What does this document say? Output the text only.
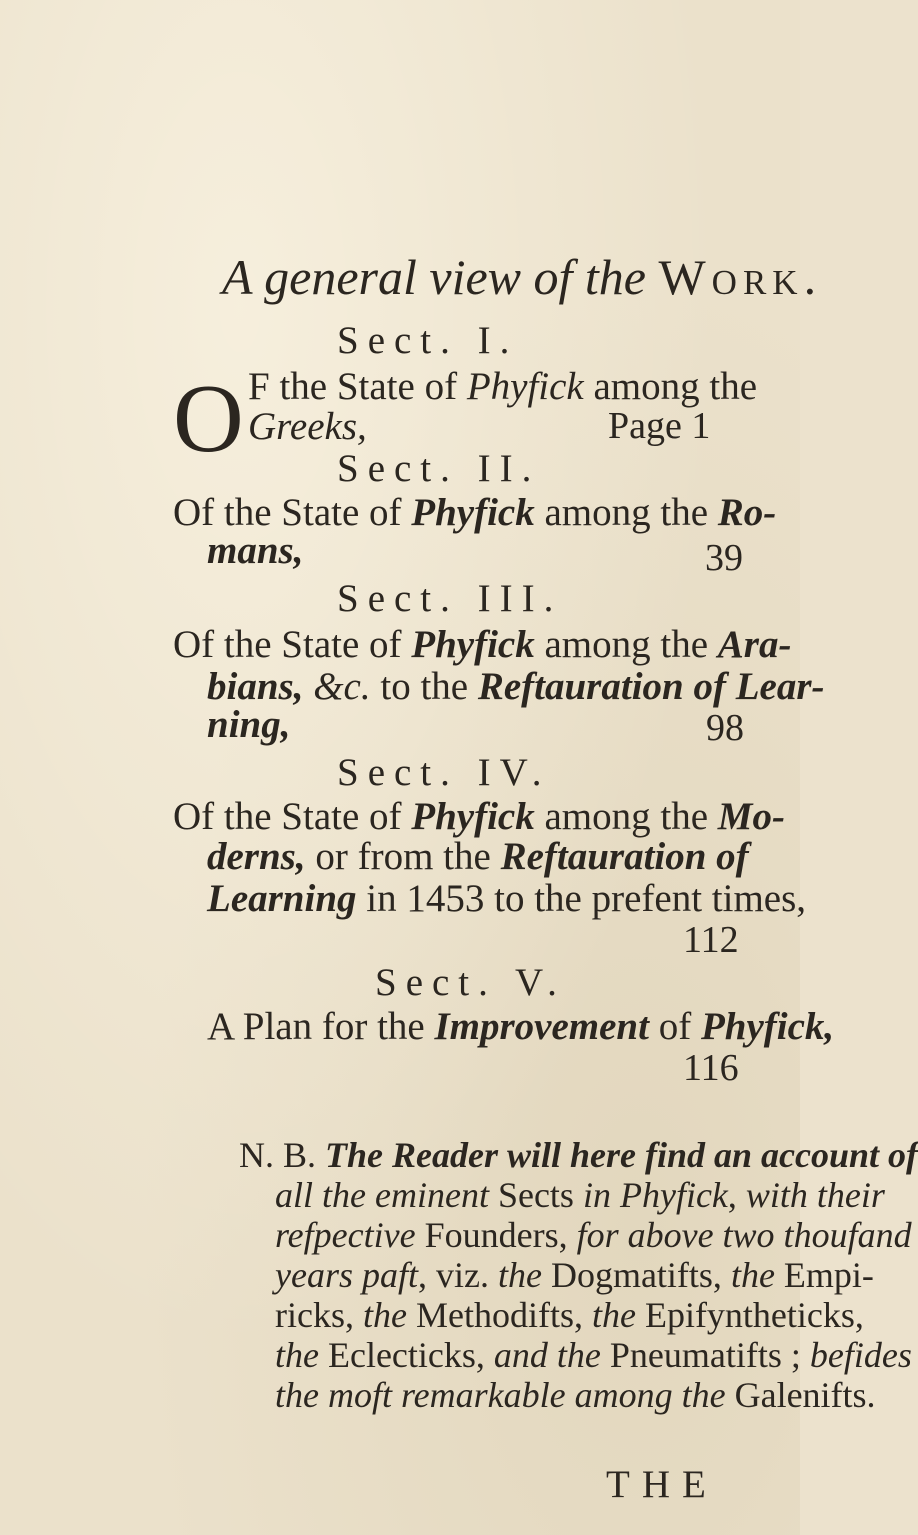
A general view of the Work.
Sect. I.
O F the State of Phyfick among the
Greeks,	Page 1
Sect. II.
Of the State of Phyfick among the Ro-
mans,	39
Sect. III.
Of the State of Phyfick among the Ara-
bians, &c. to the Reftauration of Lear-
ning,	98
Sect. IV.
Of the State of Phyfick among the Mo-
derns, or from the Reftauration of
Learning in 1453 to the prefent times,
112
Sect. V.
A Plan for the Improvement of Phyfick,
116
N. B. The Reader will here find an account of
all the eminent Sects in Phyfick, with their
refpective Founders, for above two thoufand
years paft, viz. the Dogmatifts, the Empi-
ricks, the Methodifts, the Epifyntheticks,
the Eclecticks, and the Pneumatifts ; befides
the moft remarkable among the Galenifts.
THE
